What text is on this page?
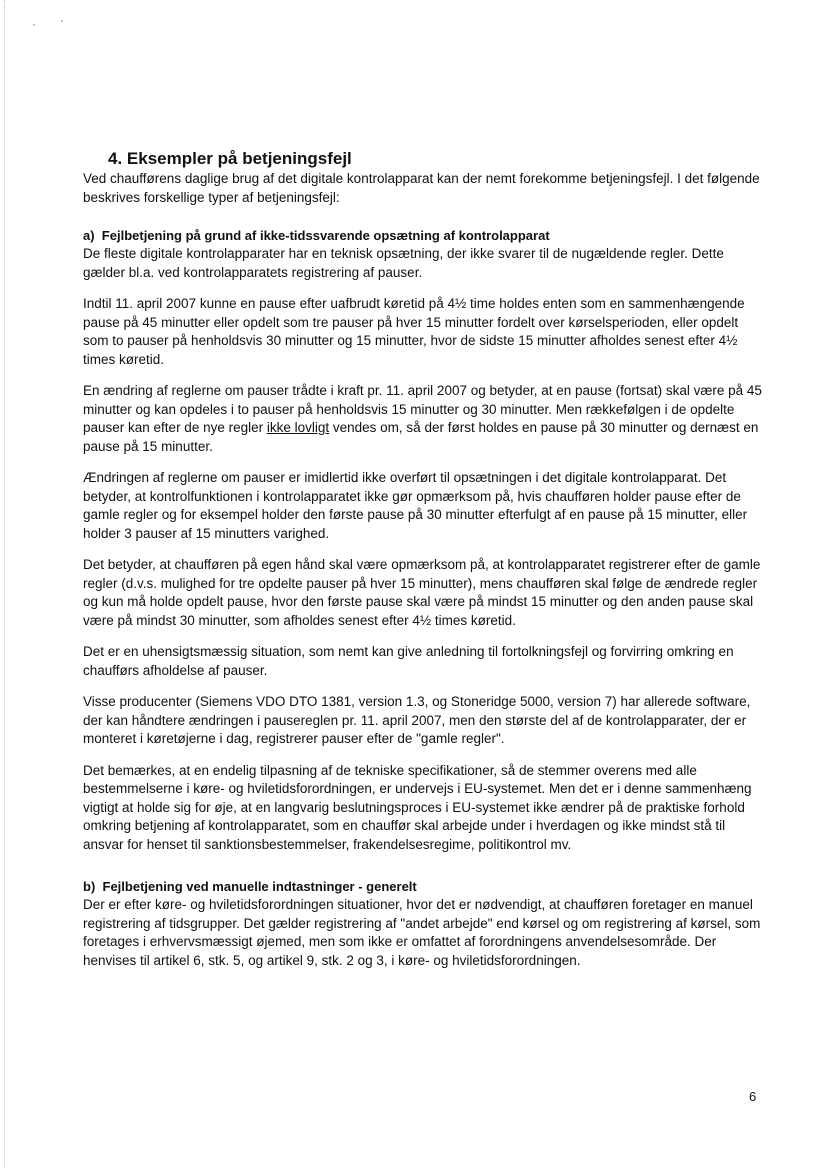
4. Eksempler på betjeningsfejl

Ved chaufførens daglige brug af det digitale kontrolapparat kan der nemt forekomme betjeningsfejl. I det følgende beskrives forskellige typer af betjeningsfejl:

a) Fejlbetjening på grund af ikke-tidssvarende opsætning af kontrolapparat

De fleste digitale kontrolapparater har en teknisk opsætning, der ikke svarer til de nugældende regler. Dette gælder bl.a. ved kontrolapparatets registrering af pauser.

Indtil 11. april 2007 kunne en pause efter uafbrudt køretid på 4½ time holdes enten som en sammenhængende pause på 45 minutter eller opdelt som tre pauser på hver 15 minutter fordelt over kørselsperioden, eller opdelt som to pauser på henholdsvis 30 minutter og 15 minutter, hvor de sidste 15 minutter afholdes senest efter 4½ times køretid.

En ændring af reglerne om pauser trådte i kraft pr. 11. april 2007 og betyder, at en pause (fortsat) skal være på 45 minutter og kan opdeles i to pauser på henholdsvis 15 minutter og 30 minutter. Men rækkefølgen i de opdelte pauser kan efter de nye regler ikke lovligt vendes om, så der først holdes en pause på 30 minutter og dernæst en pause på 15 minutter.

Ændringen af reglerne om pauser er imidlertid ikke overført til opsætningen i det digitale kontrolapparat. Det betyder, at kontrolfunktionen i kontrolapparatet ikke gør opmærksom på, hvis chaufføren holder pause efter de gamle regler og for eksempel holder den første pause på 30 minutter efterfulgt af en pause på 15 minutter, eller holder 3 pauser af 15 minutters varighed.

Det betyder, at chaufføren på egen hånd skal være opmærksom på, at kontrolapparatet registrerer efter de gamle regler (d.v.s. mulighed for tre opdelte pauser på hver 15 minutter), mens chaufføren skal følge de ændrede regler og kun må holde opdelt pause, hvor den første pause skal være på mindst 15 minutter og den anden pause skal være på mindst 30 minutter, som afholdes senest efter 4½ times køretid.

Det er en uhensigtsmæssig situation, som nemt kan give anledning til fortolkningsfejl og forvirring omkring en chaufførs afholdelse af pauser.

Visse producenter (Siemens VDO DTO 1381, version 1.3, og Stoneridge 5000, version 7) har allerede software, der kan håndtere ændringen i pausereglen pr. 11. april 2007, men den største del af de kontrolapparater, der er monteret i køretøjerne i dag, registrerer pauser efter de "gamle regler".

Det bemærkes, at en endelig tilpasning af de tekniske specifikationer, så de stemmer overens med alle bestemmelserne i køre- og hviletidsforordningen, er undervejs i EU-systemet. Men det er i denne sammenhæng vigtigt at holde sig for øje, at en langvarig beslutningsproces i EU-systemet ikke ændrer på de praktiske forhold omkring betjening af kontrolapparatet, som en chauffør skal arbejde under i hverdagen og ikke mindst stå til ansvar for henset til sanktionsbestemmelser, frakendelsesregime, politikontrol mv.

b) Fejlbetjening ved manuelle indtastninger - generelt

Der er efter køre- og hviletidsforordningen situationer, hvor det er nødvendigt, at chaufføren foretager en manuel registrering af tidsgrupper. Det gælder registrering af "andet arbejde" end kørsel og om registrering af kørsel, som foretages i erhvervsmæssigt øjemed, men som ikke er omfattet af forordningens anvendelsesområde. Der henvises til artikel 6, stk. 5, og artikel 9, stk. 2 og 3, i køre- og hviletidsforordningen.

6
